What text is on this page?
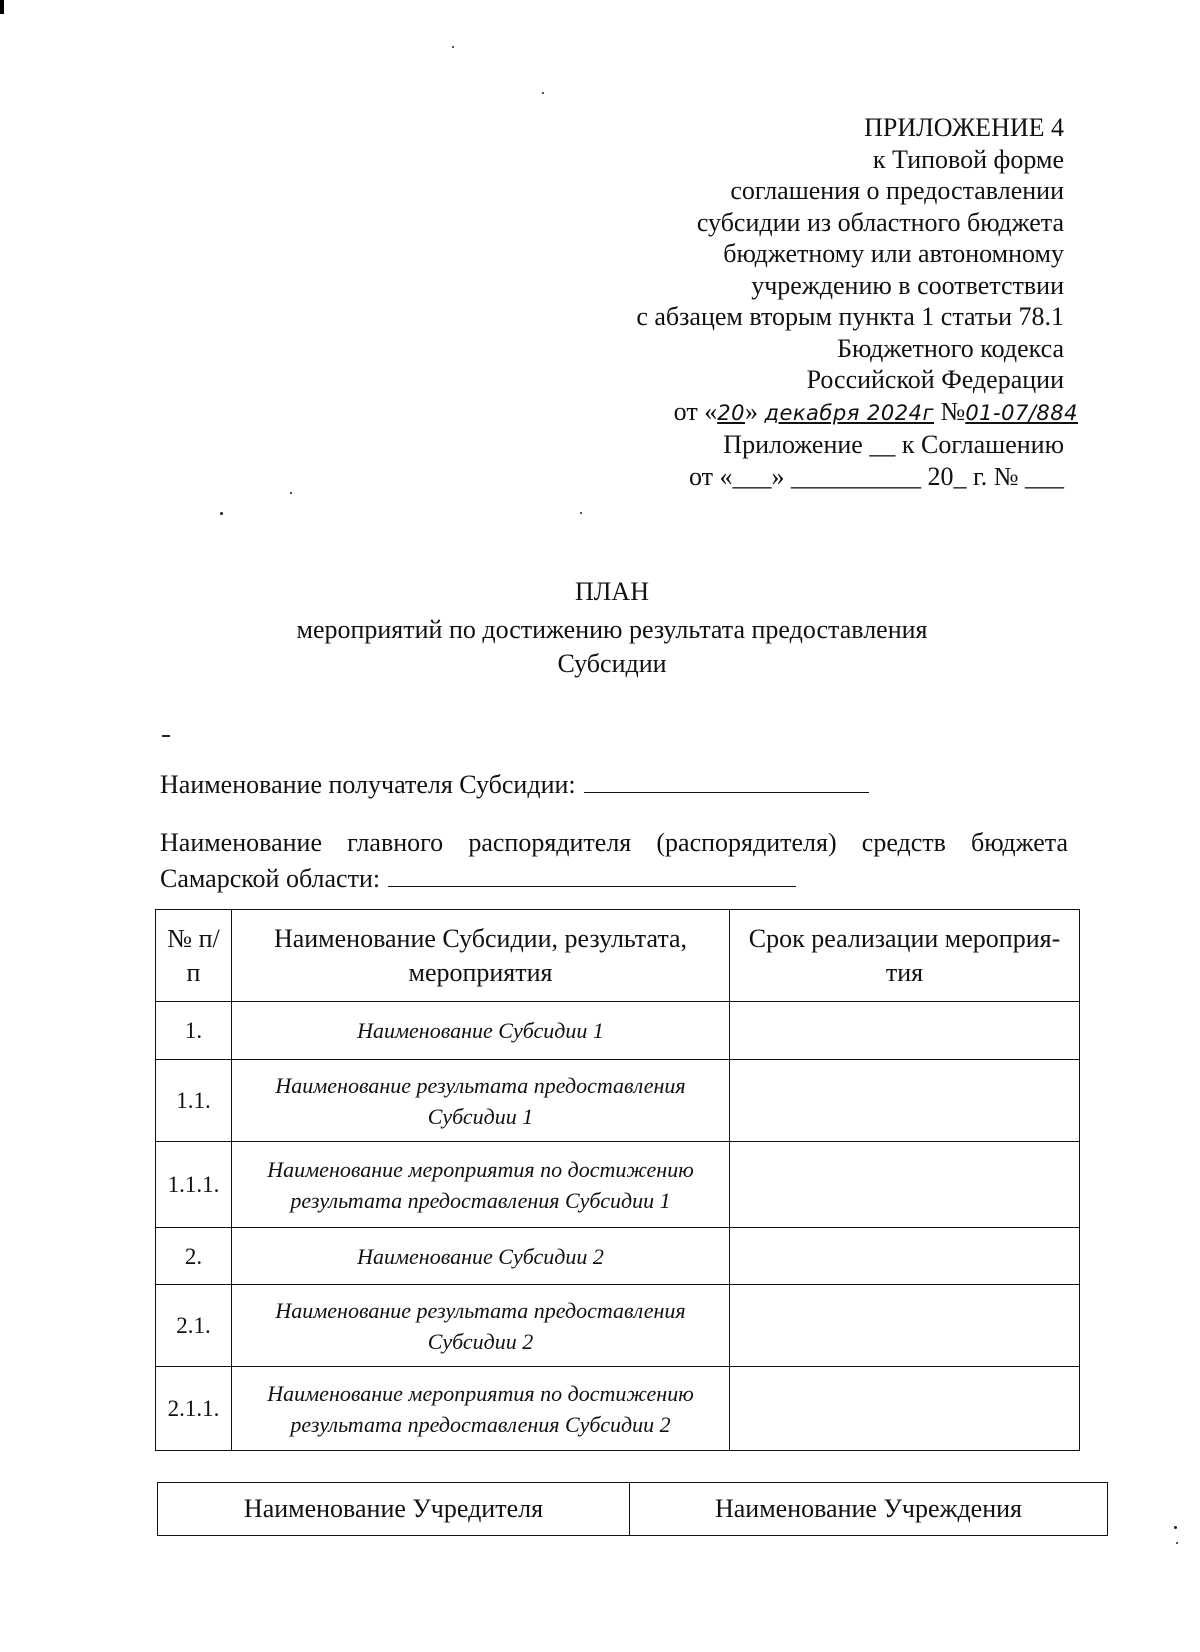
ПРИЛОЖЕНИЕ 4
к Типовой форме
соглашения о предоставлении
субсидии из областного бюджета
бюджетному или автономному
учреждению в соответствии
с абзацем вторым пункта 1 статьи 78.1
Бюджетного кодекса
Российской Федерации
от «20» декабря 2024г №01-07/884
Приложение __ к Соглашению
от «___» __________ 20_ г. № ___
ПЛАН
мероприятий по достижению результата предоставления
Субсидии
Наименование получателя Субсидии:
Наименование главного распорядителя (распорядителя) средств бюджета
Самарской области:
№ п/п	Наименование Субсидии, результата, мероприятия	Срок реализации мероприя-тия
1.	Наименование Субсидии 1	
1.1.	Наименование результата предоставления Субсидии 1	
1.1.1.	Наименование мероприятия по достижению результата предоставления Субсидии 1	
2.	Наименование Субсидии 2	
2.1.	Наименование результата предоставления Субсидии 2	
2.1.1.	Наименование мероприятия по достижению результата предоставления Субсидии 2	
Наименование Учредителя	Наименование Учреждения
